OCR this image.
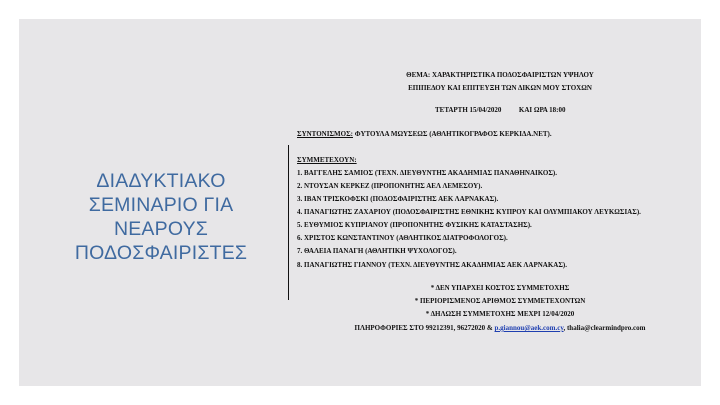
ΔΙΑΔΥΚΤΙΑΚΟ
ΣΕΜΙΝΑΡΙΟ ΓΙΑ
ΝΕΑΡΟΥΣ
ΠΟΔΟΣΦΑΙΡΙΣΤΕΣ
ΘΕΜΑ: ΧΑΡΑΚΤΗΡΙΣΤΙΚΑ ΠΟΔΟΣΦΑΙΡΙΣΤΩΝ ΥΨΗΛΟΥ
ΕΠΙΠΕΔΟΥ ΚΑΙ ΕΠΙΤΕΥΞΗ ΤΩΝ ΔΙΚΩΝ ΜΟΥ ΣΤΟΧΩΝ
ΤΕΤΑΡΤΗ 15/04/2020	ΚΑΙ ΩΡΑ 18:00
ΣΥΝΤΟΝΙΣΜΟΣ: ΦΥΤΟΥΛΑ ΜΩΥΣΕΩΣ (ΑΘΛΗΤΙΚΟΓΡΑΦΟΣ ΚΕΡΚΙΔΑ.NET).
ΣΥΜΜΕΤΕΧΟΥΝ:
1. ΒΑΓΓΕΛΗΣ ΣΑΜΙΟΣ (ΤΕΧΝ. ΔΙΕΥΘΥΝΤΗΣ ΑΚΑΔΗΜΙΑΣ ΠΑΝΑΘΗΝΑΙΚΟΣ).
2. ΝΤΟΥΣΑΝ ΚΕΡΚΕΖ (ΠΡΟΠΟΝΗΤΗΣ ΑΕΛ ΛΕΜΕΣΟΥ).
3. ΙΒΑΝ ΤΡΙΣΚΟΦΣΚΙ (ΠΟΔΟΣΦΑΙΡΙΣΤΗΣ ΑΕΚ ΛΑΡΝΑΚΑΣ).
4. ΠΑΝΑΓΙΩΤΗΣ ΖΑΧΑΡΙΟΥ (ΠΟΔΟΣΦΑΙΡΙΣΤΗΣ ΕΘΝΙΚΗΣ ΚΥΠΡΟΥ ΚΑΙ ΟΛΥΜΠΙΑΚΟΥ ΛΕΥΚΩΣΙΑΣ).
5. ΕΥΘΥΜΙΟΣ ΚΥΠΡΙΑΝΟΥ (ΠΡΟΠΟΝΗΤΗΣ ΦΥΣΙΚΗΣ ΚΑΤΑΣΤΑΣΗΣ).
6. ΧΡΙΣΤΟΣ ΚΩΝΣΤΑΝΤΙΝΟΥ (ΑΘΛΗΤΙΚΟΣ ΔΙΑΤΡΟΦΟΛΟΓΟΣ).
7. ΘΑΛΕΙΑ ΠΑΝΑΓΗ (ΑΘΛΗΤΙΚΗ ΨΥΧΟΛΟΓΟΣ).
8. ΠΑΝΑΓΙΩΤΗΣ ΓΙΑΝΝΟΥ (ΤΕΧΝ. ΔΙΕΥΘΥΝΤΗΣ ΑΚΑΔΗΜΙΑΣ ΑΕΚ ΛΑΡΝΑΚΑΣ).
* ΔΕΝ ΥΠΑΡΧΕΙ ΚΟΣΤΟΣ ΣΥΜΜΕΤΟΧΗΣ
* ΠΕΡΙΟΡΙΣΜΕΝΟΣ ΑΡΙΘΜΟΣ ΣΥΜΜΕΤΕΧΟΝΤΩΝ
* ΔΗΛΩΣΗ ΣΥΜΜΕΤΟΧΗΣ ΜΕΧΡΙ 12/04/2020
ΠΛΗΡΟΦΟΡΙΕΣ ΣΤΟ 99212391, 96272020 & p.giannou@aek.com.cy, thalia@clearmindpro.com
